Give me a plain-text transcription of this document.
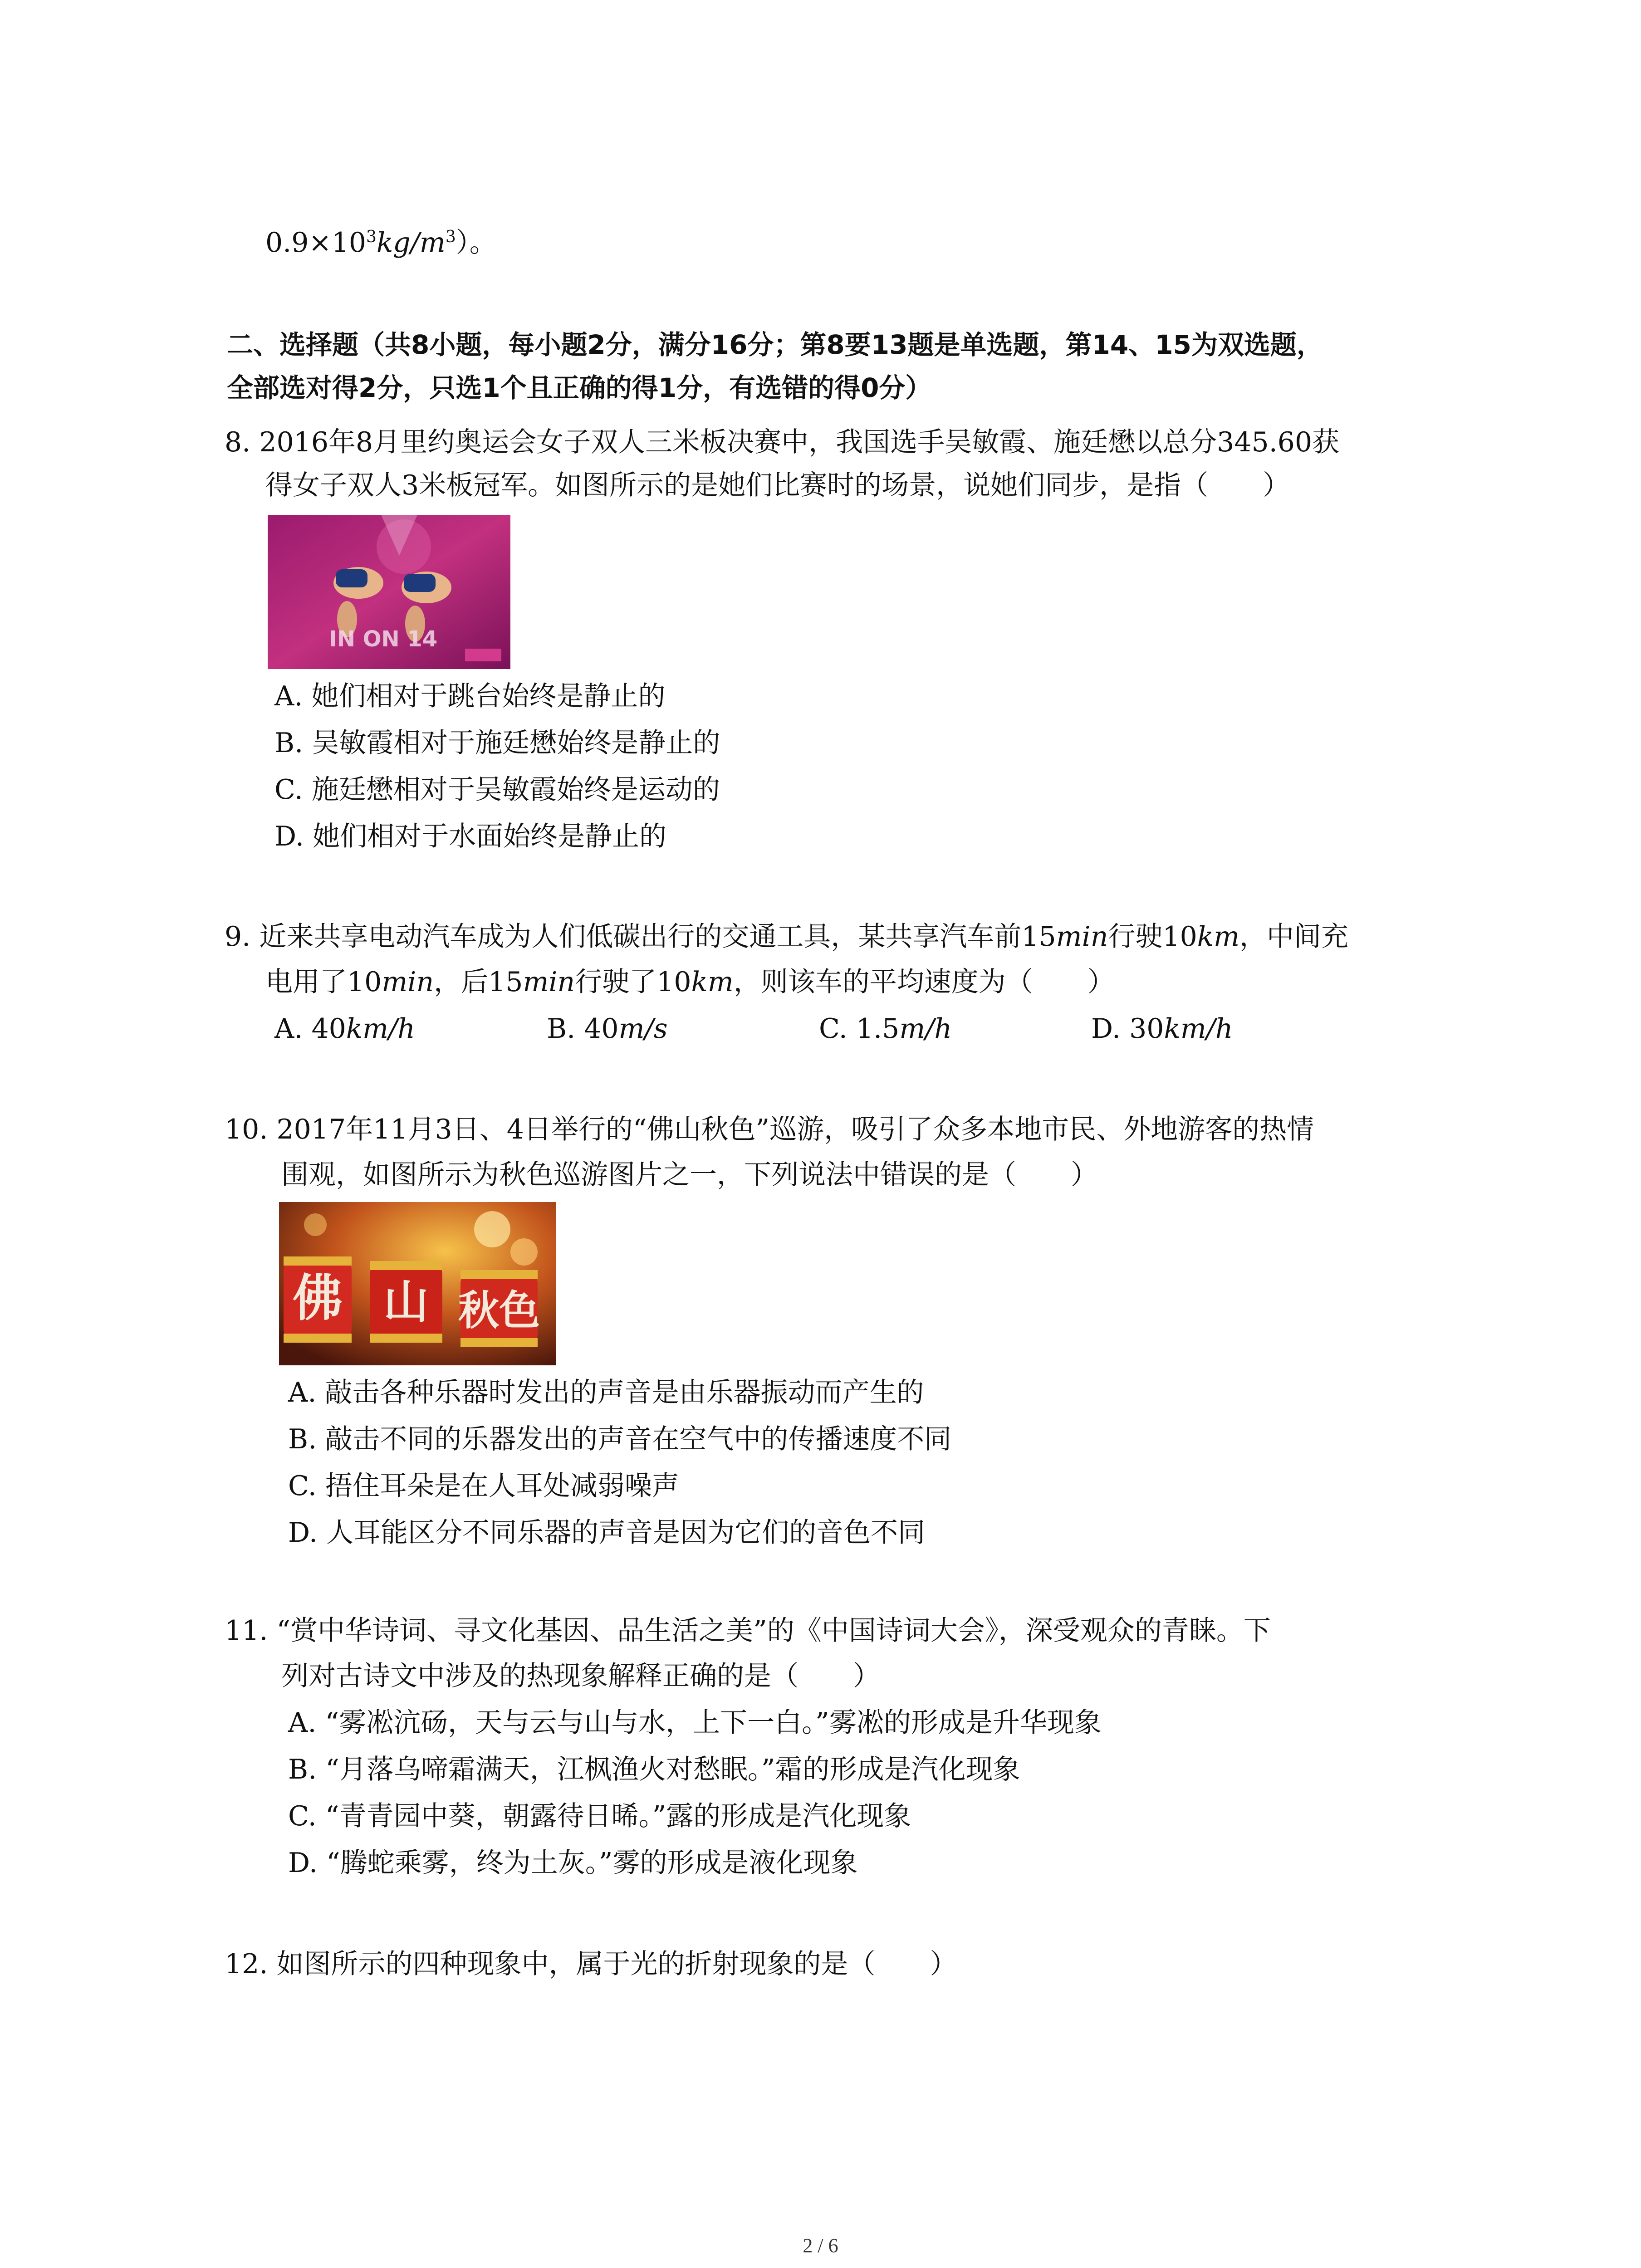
$0.9\times 10^3kg/m^3$）。
二、选择题（共8小题，每小题2分，满分16分；第8要13题是单选题，第14、15为双选题，
全部选对得2分，只选1个且正确的得1分，有选错的得0分）
8. 2016年8月里约奥运会女子双人三米板决赛中，我国选手吴敏霞、施廷懋以总分345.60获
得女子双人3米板冠军。如图所示的是她们比赛时的场景，说她们同步，是指（　　）
IN ON 14
A. 她们相对于跳台始终是静止的
B. 吴敏霞相对于施廷懋始终是静止的
C. 施廷懋相对于吴敏霞始终是运动的
D. 她们相对于水面始终是静止的
9. 近来共享电动汽车成为人们低碳出行的交通工具，某共享汽车前15min行驶10km，中间充
电用了10min，后15min行驶了10km，则该车的平均速度为（　　）
A. 40km/h	B. 40m/s	C. 1.5m/h	D. 30km/h
10. 2017年11月3日、4日举行的“佛山秋色”巡游，吸引了众多本地市民、外地游客的热情
围观，如图所示为秋色巡游图片之一，下列说法中错误的是（　　）
佛 山 秋色
A. 敲击各种乐器时发出的声音是由乐器振动而产生的
B. 敲击不同的乐器发出的声音在空气中的传播速度不同
C. 捂住耳朵是在人耳处减弱噪声
D. 人耳能区分不同乐器的声音是因为它们的音色不同
11. “赏中华诗词、寻文化基因、品生活之美”的《中国诗词大会》，深受观众的青睐。下
列对古诗文中涉及的热现象解释正确的是（　　）
A. “雾凇沆砀，天与云与山与水，上下一白。”雾凇的形成是升华现象
B. “月落乌啼霜满天，江枫渔火对愁眠。”霜的形成是汽化现象
C. “青青园中葵，朝露待日晞。”露的形成是汽化现象
D. “腾蛇乘雾，终为土灰。”雾的形成是液化现象
12. 如图所示的四种现象中，属于光的折射现象的是（　　）
2 / 6
